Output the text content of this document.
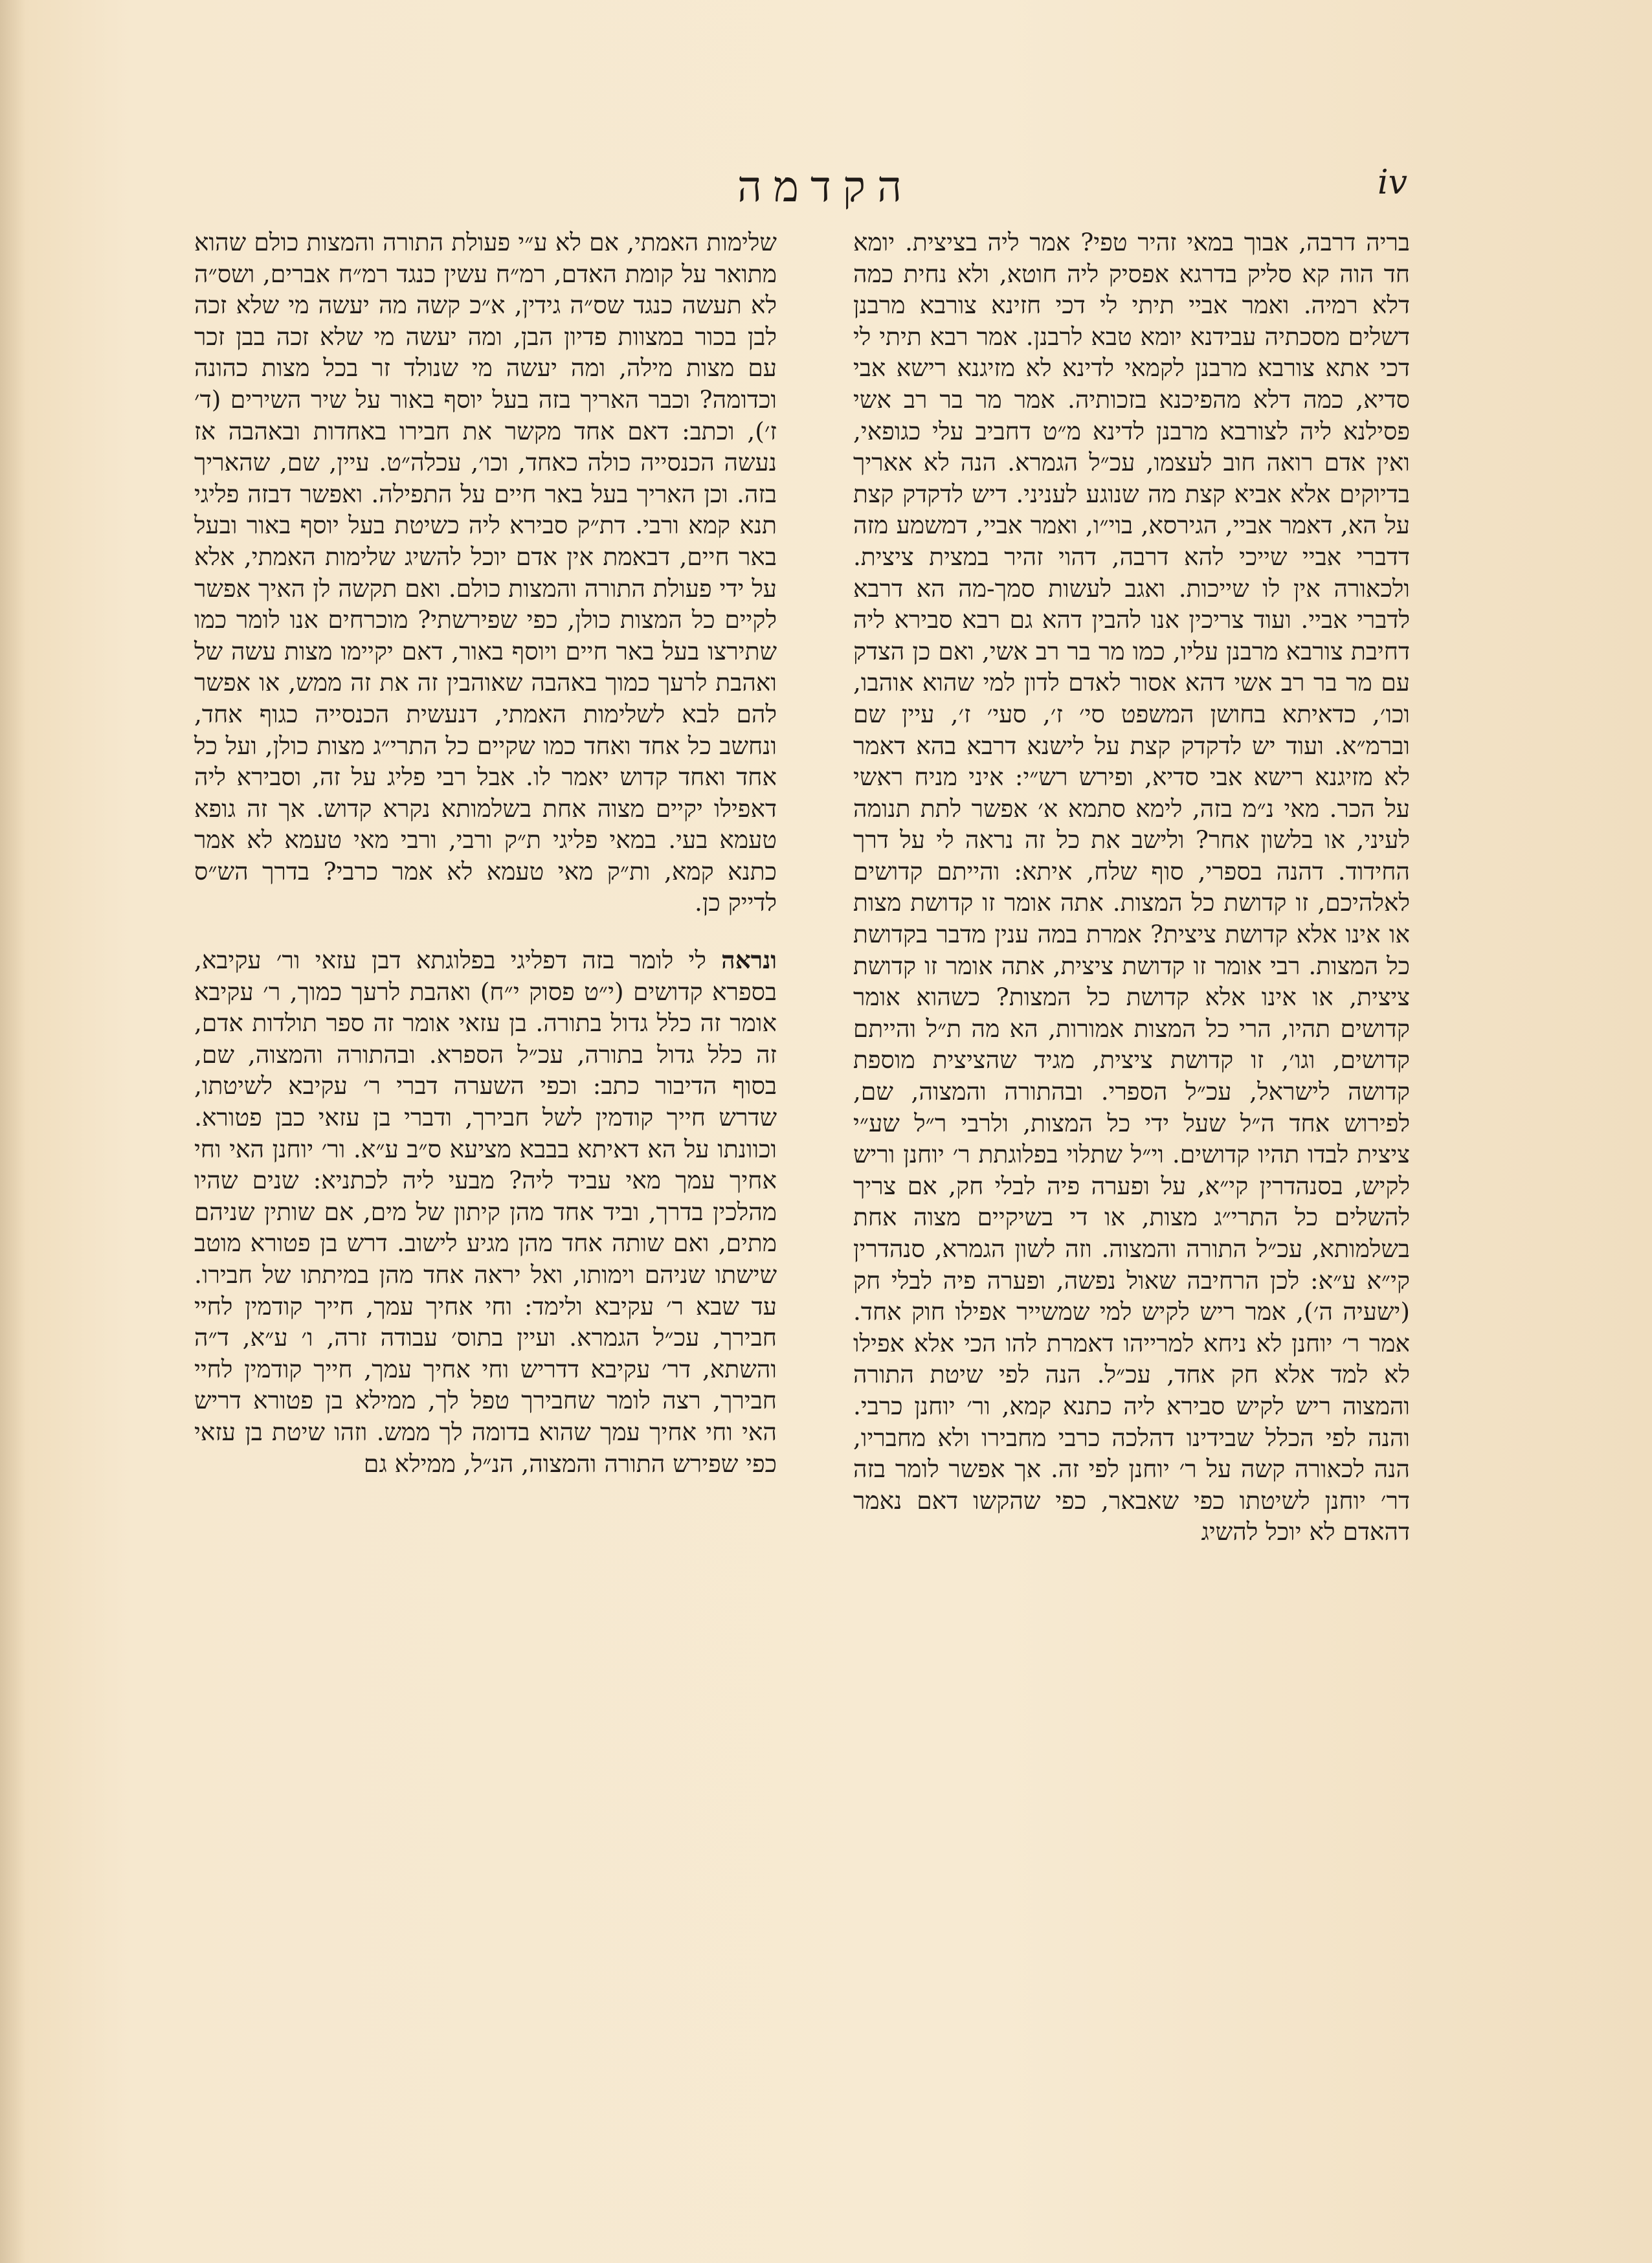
הקדמה	iv

בריה דרבה, אבוך במאי זהיר טפי? אמר ליה בציצית. יומא חד הוה קא סליק בדרגא אפסיק ליה חוטא, ולא נחית כמה דלא רמיה. ואמר אביי תיתי לי דכי חזינא צורבא מרבנן דשלים מסכתיה עבידנא יומא טבא לרבנן. אמר רבא תיתי לי דכי אתא צורבא מרבנן לקמאי לדינא לא מזיגנא רישא אבי סדיא, כמה דלא מהפיכנא בזכותיה. אמר מר בר רב אשי פסילנא ליה לצורבא מרבנן לדינא מ״ט דחביב עלי כגופאי, ואין אדם רואה חוב לעצמו, עכ״ל הגמרא. הנה לא אאריך בדיוקים אלא אביא קצת מה שנוגע לעניני. דיש לדקדק קצת על הא, דאמר אביי, הגירסא, בוי״ו, ואמר אביי, דמשמע מזה דדברי אביי שייכי להא דרבה, דהוי זהיר במצית ציצית. ולכאורה אין לו שייכות. ואגב לעשות סמך-מה הא דרבא לדברי אביי. ועוד צריכין אנו להבין דהא גם רבא סבירא ליה דחיבת צורבא מרבנן עליו, כמו מר בר רב אשי, ואם כן הצדק עם מר בר רב אשי דהא אסור לאדם לדון למי שהוא אוהבו, וכו׳, כדאיתא בחושן המשפט סי׳ ז׳, סעי׳ ז׳, עיין שם וברמ״א. ועוד יש לדקדק קצת על לישנא דרבא בהא דאמר לא מזיגנא רישא אבי סדיא, ופירש רש״י: איני מניח ראשי על הכר. מאי נ״מ בזה, לימא סתמא א׳ אפשר לתת תנומה לעיני, או בלשון אחר? ולישב את כל זה נראה לי על דרך החידוד. דהנה בספרי, סוף שלח, איתא: והייתם קדושים לאלהיכם, זו קדושת כל המצות. אתה אומר זו קדושת מצות או אינו אלא קדושת ציצית? אמרת במה ענין מדבר בקדושת כל המצות. רבי אומר זו קדושת ציצית, אתה אומר זו קדושת ציצית, או אינו אלא קדושת כל המצות? כשהוא אומר קדושים תהיו, הרי כל המצות אמורות, הא מה ת״ל והייתם קדושים, וגו׳, זו קדושת ציצית, מגיד שהציצית מוספת קדושה לישראל, עכ״ל הספרי. ובהתורה והמצוה, שם, לפירוש אחד ה״ל שעל ידי כל המצות, ולרבי ר״ל שע״י ציצית לבדו תהיו קדושים. וי״ל שתלוי בפלוגתת ר׳ יוחנן וריש לקיש, בסנהדרין קי״א, על ופערה פיה לבלי חק, אם צריך להשלים כל התרי״ג מצות, או די בשיקיים מצוה אחת בשלמותא, עכ״ל התורה והמצוה. וזה לשון הגמרא, סנהדרין קי״א ע״א: לכן הרחיבה שאול נפשה, ופערה פיה לבלי חק (ישעיה ה׳), אמר ריש לקיש למי שמשייר אפילו חוק אחד. אמר ר׳ יוחנן לא ניחא למרייהו דאמרת להו הכי אלא אפילו לא למד אלא חק אחד, עכ״ל. הנה לפי שיטת התורה והמצוה ריש לקיש סבירא ליה כתנא קמא, ור׳ יוחנן כרבי. והנה לפי הכלל שבידינו דהלכה כרבי מחבירו ולא מחבריו, הנה לכאורה קשה על ר׳ יוחנן לפי זה. אך אפשר לומר בזה דר׳ יוחנן לשיטתו כפי שאבאר, כפי שהקשו דאם נאמר דהאדם לא יוכל להשיג

שלימות האמתי, אם לא ע״י פעולת התורה והמצות כולם שהוא מתואר על קומת האדם, רמ״ח עשין כנגד רמ״ח אברים, ושס״ה לא תעשה כנגד שס״ה גידין, א״כ קשה מה יעשה מי שלא זכה לבן בכור במצוות פדיון הבן, ומה יעשה מי שלא זכה בבן זכר עם מצות מילה, ומה יעשה מי שנולד זר בכל מצות כהונה וכדומה? וכבר האריך בזה בעל יוסף באור על שיר השירים (ד׳ ז׳), וכתב: דאם אחד מקשר את חבירו באחדות ובאהבה אז נעשה הכנסייה כולה כאחד, וכו׳, עכלה״ט. עיין, שם, שהאריך בזה. וכן האריך בעל באר חיים על התפילה. ואפשר דבזה פליגי תנא קמא ורבי. דת״ק סבירא ליה כשיטת בעל יוסף באור ובעל באר חיים, דבאמת אין אדם יוכל להשיג שלימות האמתי, אלא על ידי פעולת התורה והמצות כולם. ואם תקשה לן האיך אפשר לקיים כל המצות כולן, כפי שפירשתי? מוכרחים אנו לומר כמו שתירצו בעל באר חיים ויוסף באור, דאם יקיימו מצות עשה של ואהבת לרעך כמוך באהבה שאוהבין זה את זה ממש, או אפשר להם לבא לשלימות האמתי, דנעשית הכנסייה כגוף אחד, ונחשב כל אחד ואחד כמו שקיים כל התרי״ג מצות כולן, ועל כל אחד ואחד קדוש יאמר לו. אבל רבי פליג על זה, וסבירא ליה דאפילו יקיים מצוה אחת בשלמותא נקרא קדוש. אך זה גופא טעמא בעי. במאי פליגי ת״ק ורבי, ורבי מאי טעמא לא אמר כתנא קמא, ות״ק מאי טעמא לא אמר כרבי? בדרך הש״ס לדייק כן.

ונראה לי לומר בזה דפליגי בפלוגתא דבן עזאי ור׳ עקיבא, בספרא קדושים (י״ט פסוק י״ח) ואהבת לרעך כמוך, ר׳ עקיבא אומר זה כלל גדול בתורה. בן עזאי אומר זה ספר תולדות אדם, זה כלל גדול בתורה, עכ״ל הספרא. ובהתורה והמצוה, שם, בסוף הדיבור כתב: וכפי השערה דברי ר׳ עקיבא לשיטתו, שדרש חייך קודמין לשל חבירך, ודברי בן עזאי כבן פטורא. וכוונתו על הא דאיתא בבבא מציעא ס״ב ע״א. ור׳ יוחנן האי וחי אחיך עמך מאי עביד ליה? מבעי ליה לכתניא: שנים שהיו מהלכין בדרך, וביד אחד מהן קיתון של מים, אם שותין שניהם מתים, ואם שותה אחד מהן מגיע לישוב. דרש בן פטורא מוטב שישתו שניהם וימותו, ואל יראה אחד מהן במיתתו של חבירו. עד שבא ר׳ עקיבא ולימד: וחי אחיך עמך, חייך קודמין לחיי חבירך, עכ״ל הגמרא. ועיין בתוס׳ עבודה זרה, ו׳ ע״א, ד״ה והשתא, דר׳ עקיבא דדריש וחי אחיך עמך, חייך קודמין לחיי חבירך, רצה לומר שחבירך טפל לך, ממילא בן פטורא דריש האי וחי אחיך עמך שהוא בדומה לך ממש. וזהו שיטת בן עזאי כפי שפירש התורה והמצוה, הנ״ל, ממילא גם
